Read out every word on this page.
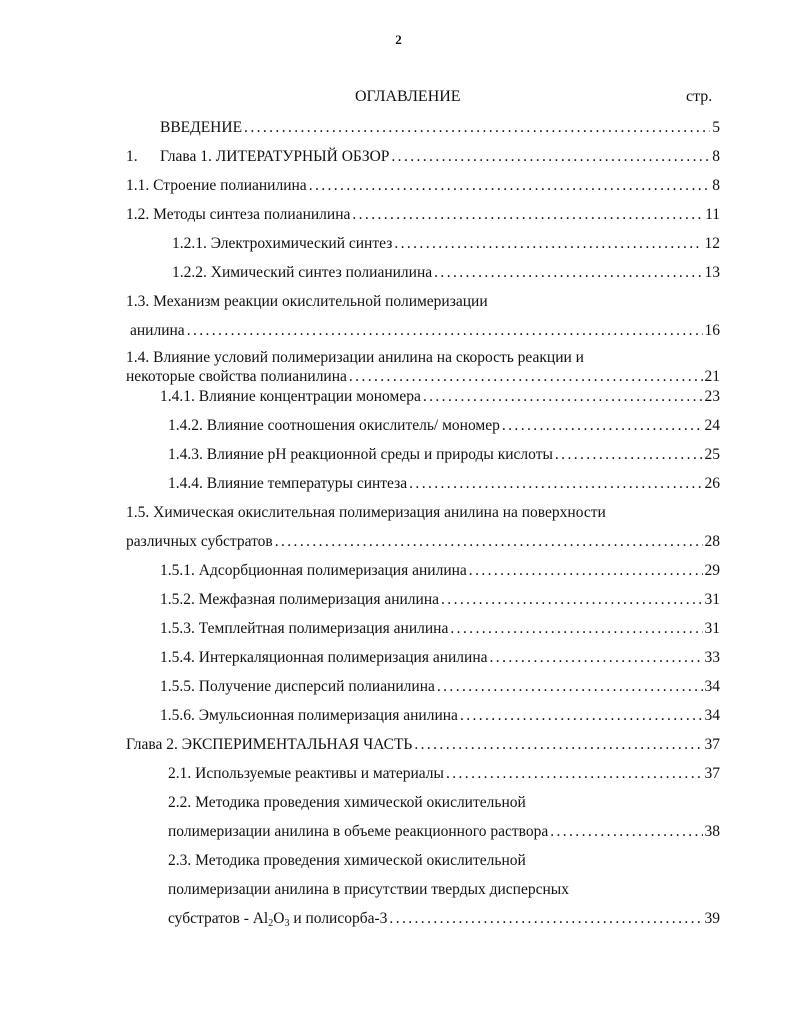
2
ОГЛАВЛЕНИЕ	стр.
ВВЕДЕНИЕ .....	5
1.	Глава 1. ЛИТЕРАТУРНЫЙ ОБЗОР .....	8
1.1. Строение полианилина .....	8
1.2. Методы синтеза полианилина .....	11
1.2.1. Электрохимический синтез .....	12
1.2.2. Химический синтез полианилина .....	13
1.3. Механизм реакции окислительной полимеризации
анилина .....	16
1.4. Влияние условий полимеризации анилина на скорость реакции и
некоторые свойства полианилина .....	21
1.4.1. Влияние концентрации мономера .....	23
1.4.2. Влияние соотношения окислитель/ мономер .....	24
1.4.3. Влияние pH реакционной среды и природы кислоты .....	25
1.4.4. Влияние температуры синтеза .....	26
1.5. Химическая окислительная полимеризация анилина на поверхности
различных субстратов .....	28
1.5.1. Адсорбционная полимеризация анилина .....	29
1.5.2. Межфазная полимеризация анилина .....	31
1.5.3. Темплейтная полимеризация анилина .....	31
1.5.4. Интеркаляционная полимеризация анилина .....	33
1.5.5. Получение дисперсий полианилина .....	34
1.5.6. Эмульсионная полимеризация анилина .....	34
Глава 2. ЭКСПЕРИМЕНТАЛЬНАЯ ЧАСТЬ .....	37
2.1. Используемые реактивы и материалы .....	37
2.2. Методика проведения химической окислительной
полимеризации анилина в объеме реакционного раствора .....	38
2.3. Методика проведения химической окислительной
полимеризации анилина в присутствии твердых дисперсных
субстратов - $Al_2O_3$ и полисорба-3 .....	39
